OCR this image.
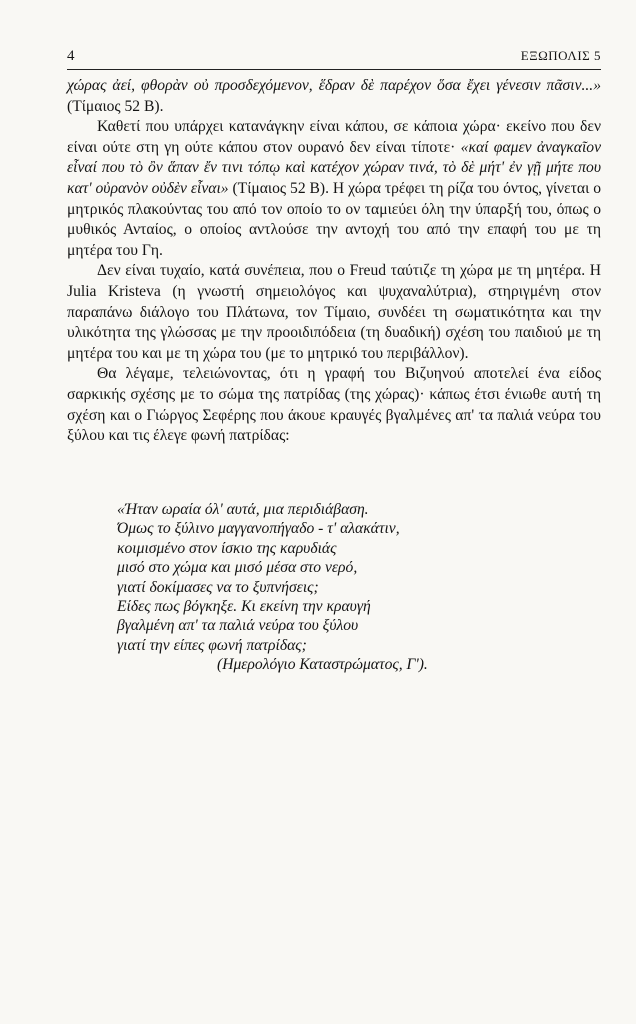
4	ΕΞΩΠΟΛΙΣ 5

χώρας ἀεί, φθορὰν οὐ προσδεχόμενον, ἕδραν δὲ παρέχον ὅσα ἔχει γένεσιν πᾶσιν...» (Τίμαιος 52 Β).

Καθετί που υπάρχει κατανάγκην είναι κάπου, σε κάποια χώρα· εκείνο που δεν είναι ούτε στη γη ούτε κάπου στον ουρανό δεν είναι τίποτε· «καί φαμεν ἀναγκαῖον εἶναί που τὸ ὂν ἅπαν ἔν τινι τόπῳ καὶ κατέχον χώραν τινά, τὸ δὲ μήτ' ἐν γῇ μήτε που κατ' οὐρανὸν οὐδὲν εἶναι» (Τίμαιος 52 Β). Η χώρα τρέφει τη ρίζα του όντος, γίνεται ο μητρικός πλακούντας του από τον οποίο το ον ταμιεύει όλη την ύπαρξή του, όπως ο μυθικός Ανταίος, ο οποίος αντλούσε την αντοχή του από την επαφή του με τη μητέρα του Γη.

Δεν είναι τυχαίο, κατά συνέπεια, που ο Freud ταύτιζε τη χώρα με τη μητέρα. Η Julia Kristeva (η γνωστή σημειολόγος και ψυχαναλύτρια), στηριγμένη στον παραπάνω διάλογο του Πλάτωνα, τον Τίμαιο, συνδέει τη σωματικότητα και την υλικότητα της γλώσσας με την προοιδιπόδεια (τη δυαδική) σχέση του παιδιού με τη μητέρα του και με τη χώρα του (με το μητρικό του περιβάλλον).

Θα λέγαμε, τελειώνοντας, ότι η γραφή του Βιζυηνού αποτελεί ένα είδος σαρκικής σχέσης με το σώμα της πατρίδας (της χώρας)· κάπως έτσι ένιωθε αυτή τη σχέση και ο Γιώργος Σεφέρης που άκουε κραυγές βγαλμένες απ' τα παλιά νεύρα του ξύλου και τις έλεγε φωνή πατρίδας:

«Ήταν ωραία όλ' αυτά, μια περιδιάβαση.
Όμως το ξύλινο μαγγανοπήγαδο - τ' αλακάτιν,
κοιμισμένο στον ίσκιο της καρυδιάς
μισό στο χώμα και μισό μέσα στο νερό,
γιατί δοκίμασες να το ξυπνήσεις;
Είδες πως βόγκηξε. Κι εκείνη την κραυγή
βγαλμένη απ' τα παλιά νεύρα του ξύλου
γιατί την είπες φωνή πατρίδας;
(Ημερολόγιο Καταστρώματος, Γ').
